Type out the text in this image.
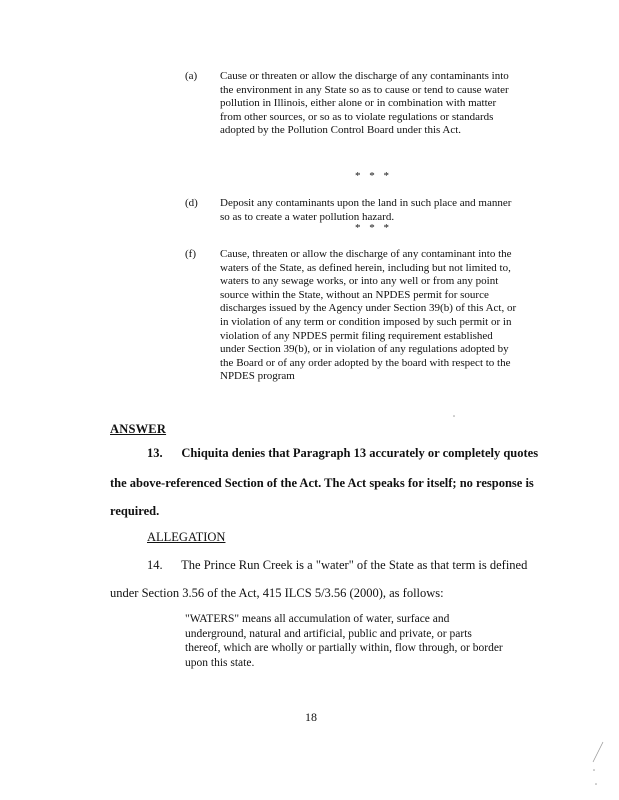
(a) Cause or threaten or allow the discharge of any contaminants into the environment in any State so as to cause or tend to cause water pollution in Illinois, either alone or in combination with matter from other sources, or so as to violate regulations or standards adopted by the Pollution Control Board under this Act.
* * *
(d) Deposit any contaminants upon the land in such place and manner so as to create a water pollution hazard.
* * *
(f) Cause, threaten or allow the discharge of any contaminant into the waters of the State, as defined herein, including but not limited to, waters to any sewage works, or into any well or from any point source within the State, without an NPDES permit for source discharges issued by the Agency under Section 39(b) of this Act, or in violation of any term or condition imposed by such permit or in violation of any NPDES permit filing requirement established under Section 39(b), or in violation of any regulations adopted by the Board or of any order adopted by the board with respect to the NPDES program
ANSWER
13.      Chiquita denies that Paragraph 13 accurately or completely quotes
the above-referenced Section of the Act. The Act speaks for itself; no response is
required.
ALLEGATION
14.      The Prince Run Creek is a "water" of the State as that term is defined
under Section 3.56 of the Act, 415 ILCS 5/3.56 (2000), as follows:
"WATERS" means all accumulation of water, surface and underground, natural and artificial, public and private, or parts thereof, which are wholly or partially within, flow through, or border upon this state.
18
